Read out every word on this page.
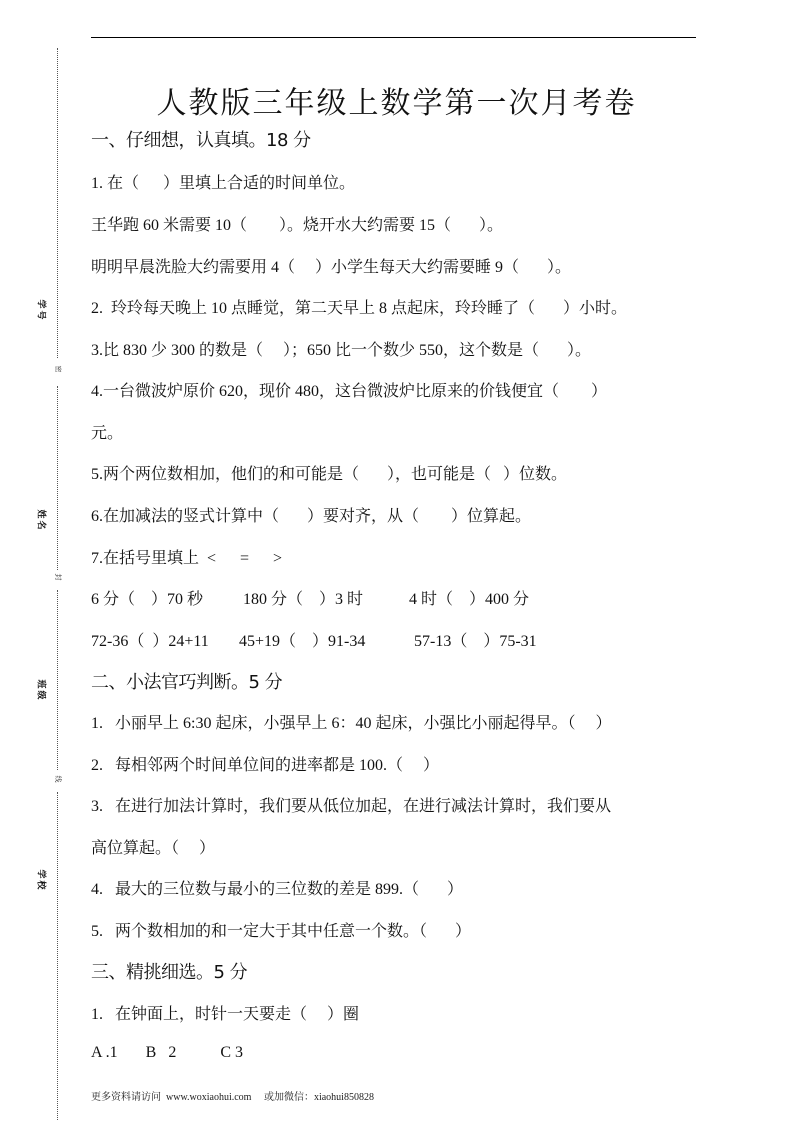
学号
姓名
班级
学校
密
封
线
人教版三年级上数学第一次月考卷
一、仔细想，认真填。18 分
1. 在（      ）里填上合适的时间单位。
王华跑 60 米需要 10（        ）。烧开水大约需要 15（       ）。
明明早晨洗脸大约需要用 4（     ）小学生每天大约需要睡 9（       ）。
2.  玲玲每天晚上 10 点睡觉，第二天早上 8 点起床，玲玲睡了（       ）小时。
3.比 830 少 300 的数是（     ）；650 比一个数少 550，这个数是（       ）。
4.一台微波炉原价 620，现价 480，这台微波炉比原来的价钱便宜（        ）
元。
5.两个两位数相加，他们的和可能是（       ），也可能是（   ）位数。
6.在加减法的竖式计算中（       ）要对齐，从（        ）位算起。
7.在括号里填上  <      =      >
6 分（    ）70 秒 180 分（    ）3 时	4 时（    ）400 分
72-36（  ）24+11 45+19（    ）91-34	57-13（    ）75-31
二、小法官巧判断。5 分
1.   小丽早上 6:30 起床，小强早上 6：40 起床，小强比小丽起得早。（     ）
2.   每相邻两个时间单位间的进率都是 100.（     ）
3.   在进行加法计算时，我们要从低位加起，在进行减法计算时，我们要从
高位算起。（     ）
4.   最大的三位数与最小的三位数的差是 899.（       ）
5.   两个数相加的和一定大于其中任意一个数。（       ）
三、精挑细选。5 分
1.   在钟面上，时针一天要走（     ）圈
A .1       B   2           C 3
更多资料请访问  www.woxiaohui.com     或加微信：xiaohui850828
